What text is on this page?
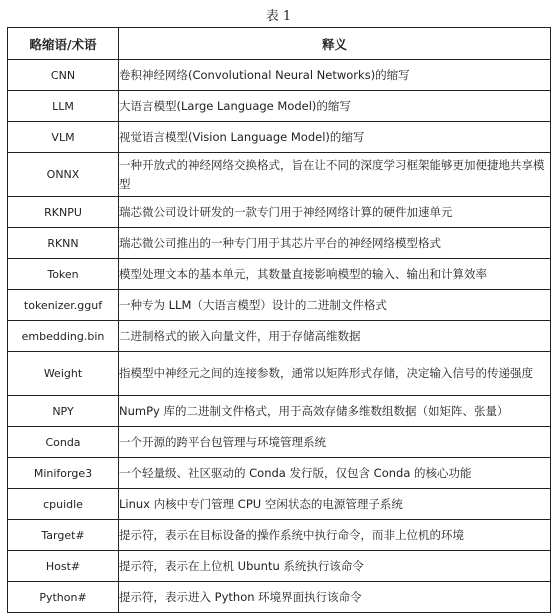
表 1
略缩语/术语	释义
CNN	卷积神经网络(Convolutional Neural Networks)的缩写
LLM	大语言模型(Large Language Model)的缩写
VLM	视觉语言模型(Vision Language Model)的缩写
ONNX	一种开放式的神经网络交换格式，旨在让不同的深度学习框架能够更加便捷地共享模型
RKNPU	瑞芯微公司设计研发的一款专门用于神经网络计算的硬件加速单元
RKNN	瑞芯微公司推出的一种专门用于其芯片平台的神经网络模型格式
Token	模型处理文本的基本单元，其数量直接影响模型的输入、输出和计算效率
tokenizer.gguf	一种专为 LLM（大语言模型）设计的二进制文件格式
embedding.bin	二进制格式的嵌入向量文件，用于存储高维数据
Weight	指模型中神经元之间的连接参数，通常以矩阵形式存储，决定输入信号的传递强度
NPY	NumPy 库的二进制文件格式，用于高效存储多维数组数据（如矩阵、张量）
Conda	一个开源的跨平台包管理与环境管理系统
Miniforge3	一个轻量级、社区驱动的 Conda 发行版，仅包含 Conda 的核心功能
cpuidle	Linux 内核中专门管理 CPU 空闲状态的电源管理子系统
Target#	提示符，表示在目标设备的操作系统中执行命令，而非上位机的环境
Host#	提示符，表示在上位机 Ubuntu 系统执行该命令
Python#	提示符，表示进入 Python 环境界面执行该命令
